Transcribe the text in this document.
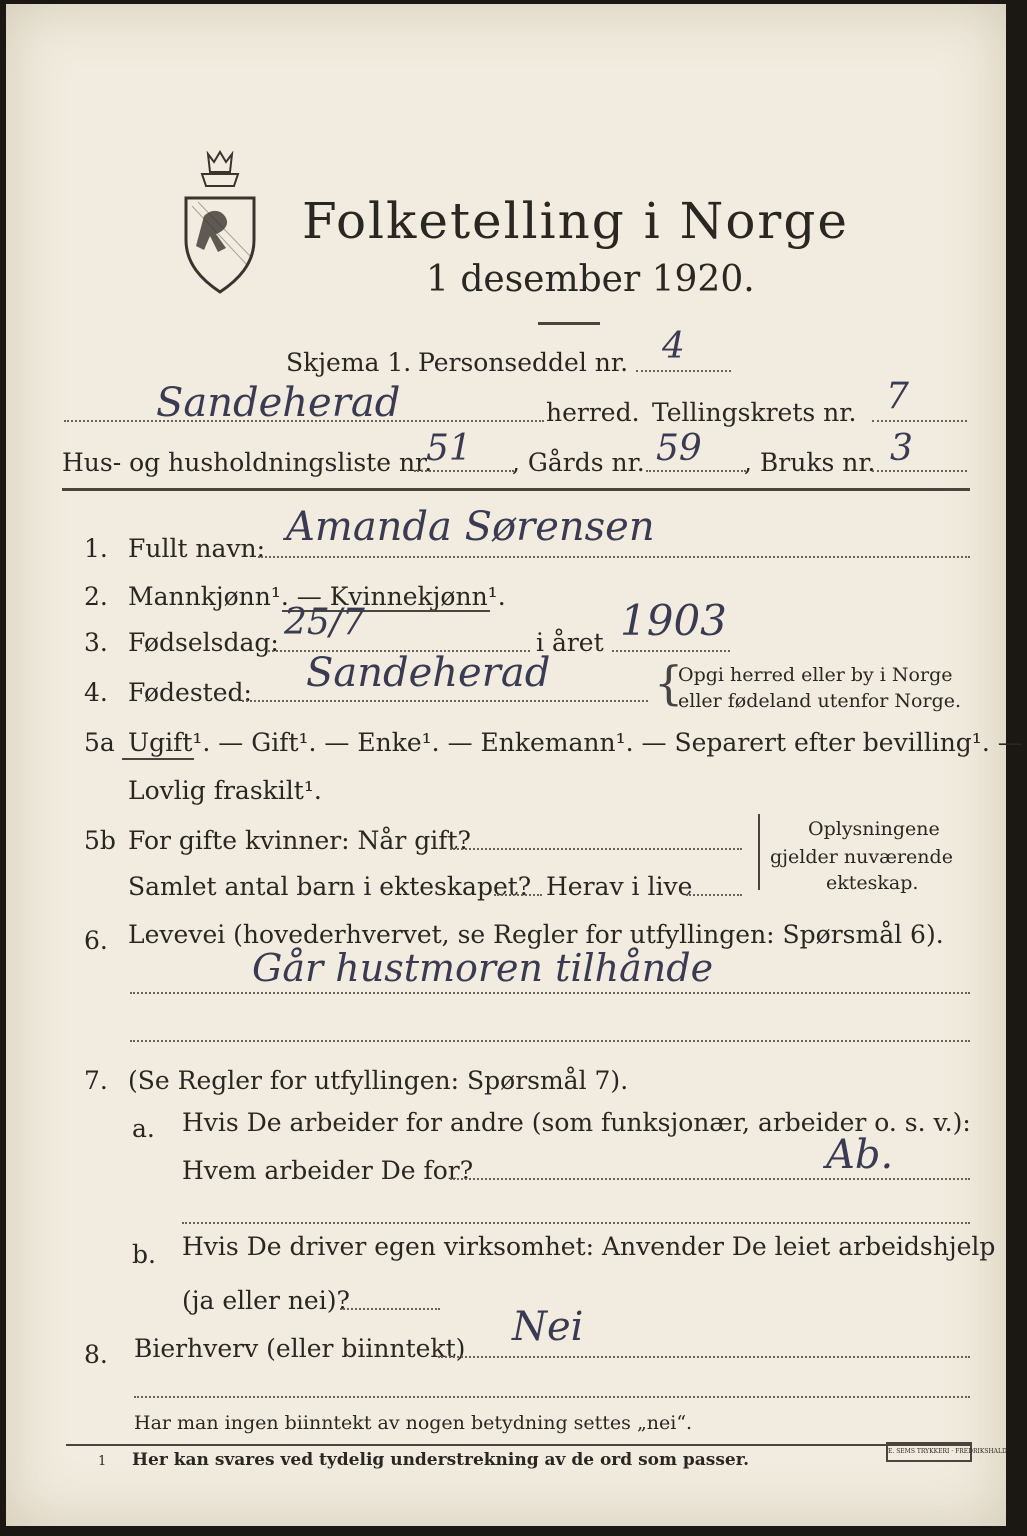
Folketelling i Norge
1 desember 1920.
Skjema 1. Personseddel nr. 4
Sandeherad	herred. Tellingskrets nr. 7
Hus- og husholdningsliste nr.
51 , Gårds nr. 59 , Bruks nr. 3
1. Fullt navn: Amanda Sørensen
2. Mannkjønn¹. — Kvinnekjønn¹.
3. Fødselsdag: 25/7	i året 1903
4. Fødested: Sandeherad {
Opgi herred eller by i Norge
eller fødeland utenfor Norge.
5a Ugift¹. — Gift¹. — Enke¹. — Enkemann¹. — Separert efter bevilling¹. —
Lovlig fraskilt¹.
5b For gifte kvinner: Når gift?
Samlet antal barn i ekteskapet? Herav i live
Oplysningene
gjelder nuværende
ekteskap.
6. Levevei (hovederhvervet, se Regler for utfyllingen: Spørsmål 6).
Går hustmoren tilhånde
7. (Se Regler for utfyllingen: Spørsmål 7).
a. Hvis De arbeider for andre (som funksjonær, arbeider o. s. v.):
Hvem arbeider De for?	Ab.
b. Hvis De driver egen virksomhet: Anvender De leiet arbeidshjelp
(ja eller nei)?
8. Bierhverv (eller biinntekt) Nei
Har man ingen biinntekt av nogen betydning settes „nei“.
1 Her kan svares ved tydelig understrekning av de ord som passer.	E. SEMS TRYKKERI · FREDRIKSHALD
